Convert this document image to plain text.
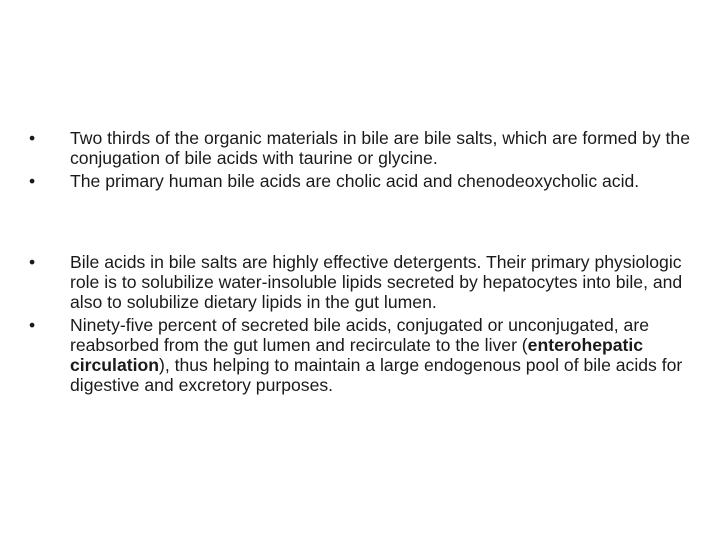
•	Two thirds of the organic materials in bile are bile salts, which are formed by the conjugation of bile acids with taurine or glycine.
•	The primary human bile acids are cholic acid and chenodeoxycholic acid.
•	Bile acids in bile salts are highly effective detergents. Their primary physiologic role is to solubilize water-insoluble lipids secreted by hepatocytes into bile, and also to solubilize dietary lipids in the gut lumen.
•	Ninety-five percent of secreted bile acids, conjugated or unconjugated, are reabsorbed from the gut lumen and recirculate to the liver (enterohepatic circulation), thus helping to maintain a large endogenous pool of bile acids for digestive and excretory purposes.
